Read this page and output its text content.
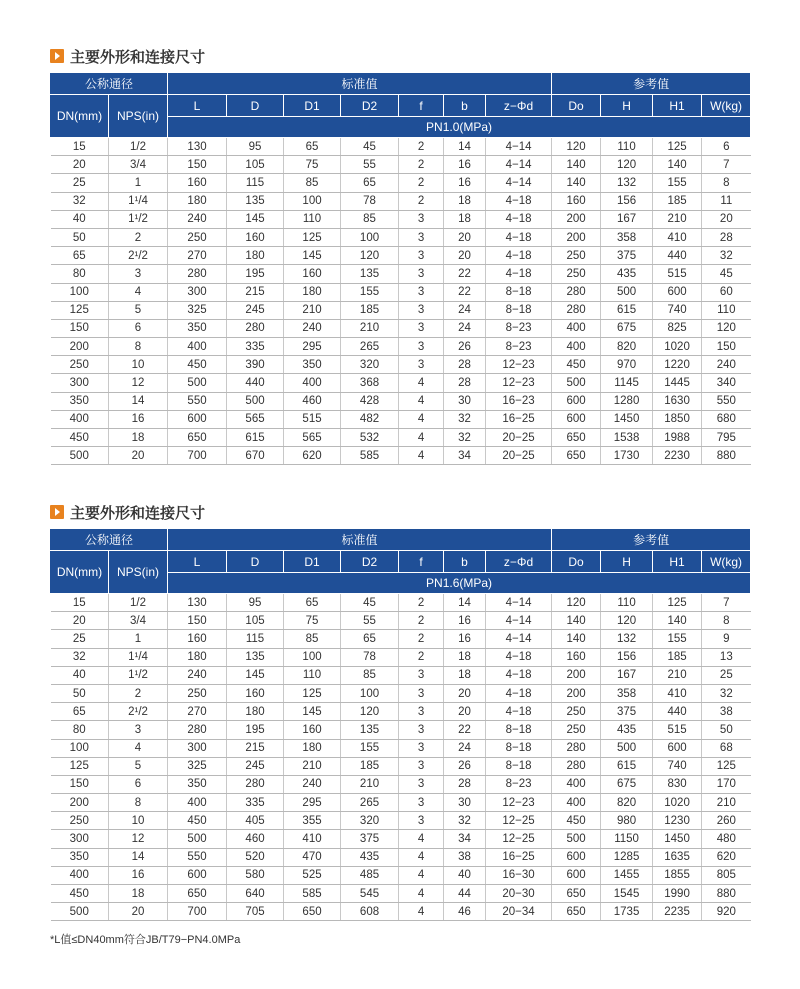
主要外形和连接尺寸
公称通径		标准值							参考值			
DN(mm)	NPS(in)	L	D	D1	D2	f	b	z−Φd	Do	H	H1	W(kg)
		PN1.0(MPa)										
15	1/2	130	95	65	45	2	14	4−14	120	110	125	6
20	3/4	150	105	75	55	2	16	4−14	140	120	140	7
25	1	160	115	85	65	2	16	4−14	140	132	155	8
32	1¹/4	180	135	100	78	2	18	4−18	160	156	185	11
40	1¹/2	240	145	110	85	3	18	4−18	200	167	210	20
50	2	250	160	125	100	3	20	4−18	200	358	410	28
65	2¹/2	270	180	145	120	3	20	4−18	250	375	440	32
80	3	280	195	160	135	3	22	4−18	250	435	515	45
100	4	300	215	180	155	3	22	8−18	280	500	600	60
125	5	325	245	210	185	3	24	8−18	280	615	740	110
150	6	350	280	240	210	3	24	8−23	400	675	825	120
200	8	400	335	295	265	3	26	8−23	400	820	1020	150
250	10	450	390	350	320	3	28	12−23	450	970	1220	240
300	12	500	440	400	368	4	28	12−23	500	1145	1445	340
350	14	550	500	460	428	4	30	16−23	600	1280	1630	550
400	16	600	565	515	482	4	32	16−25	600	1450	1850	680
450	18	650	615	565	532	4	32	20−25	650	1538	1988	795
500	20	700	670	620	585	4	34	20−25	650	1730	2230	880
主要外形和连接尺寸
公称通径		标准值							参考值			
DN(mm)	NPS(in)	L	D	D1	D2	f	b	z−Φd	Do	H	H1	W(kg)
		PN1.6(MPa)										
15	1/2	130	95	65	45	2	14	4−14	120	110	125	7
20	3/4	150	105	75	55	2	16	4−14	140	120	140	8
25	1	160	115	85	65	2	16	4−14	140	132	155	9
32	1¹/4	180	135	100	78	2	18	4−18	160	156	185	13
40	1¹/2	240	145	110	85	3	18	4−18	200	167	210	25
50	2	250	160	125	100	3	20	4−18	200	358	410	32
65	2¹/2	270	180	145	120	3	20	4−18	250	375	440	38
80	3	280	195	160	135	3	22	8−18	250	435	515	50
100	4	300	215	180	155	3	24	8−18	280	500	600	68
125	5	325	245	210	185	3	26	8−18	280	615	740	125
150	6	350	280	240	210	3	28	8−23	400	675	830	170
200	8	400	335	295	265	3	30	12−23	400	820	1020	210
250	10	450	405	355	320	3	32	12−25	450	980	1230	260
300	12	500	460	410	375	4	34	12−25	500	1150	1450	480
350	14	550	520	470	435	4	38	16−25	600	1285	1635	620
400	16	600	580	525	485	4	40	16−30	600	1455	1855	805
450	18	650	640	585	545	4	44	20−30	650	1545	1990	880
500	20	700	705	650	608	4	46	20−34	650	1735	2235	920
*L值≤DN40mm符合JB/T79−PN4.0MPa
